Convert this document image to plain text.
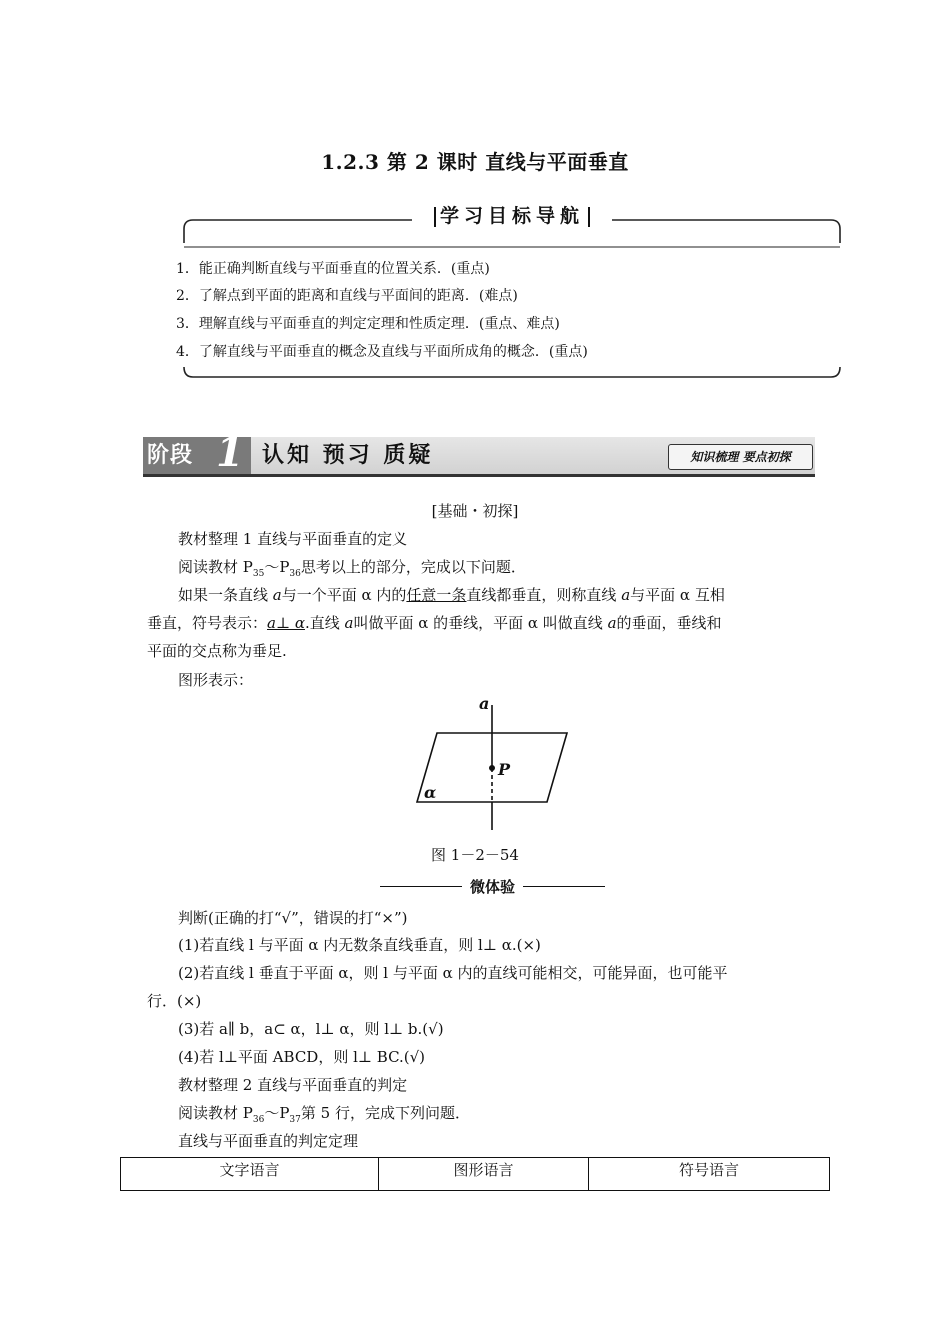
1.2.3 第 2 课时 直线与平面垂直
学习目标导航
1．能正确判断直线与平面垂直的位置关系．(重点)
2．了解点到平面的距离和直线与平面间的距离．(难点)
3．理解直线与平面垂直的判定定理和性质定理．(重点、难点)
4．了解直线与平面垂直的概念及直线与平面所成角的概念．(重点)
阶段 1 认知 预习 质疑	知识梳理 要点初探
[基础・初探]
教材整理 1 直线与平面垂直的定义
阅读教材 $P_{35}\sim P_{36}$思考以上的部分，完成以下问题．
如果一条直线 a与一个平面 α 内的任意一条直线都垂直，则称直线 a与平面 α 互相
垂直，符号表示：a⊥ α.直线 a叫做平面 α 的垂线，平面 α 叫做直线 a的垂面，垂线和
平面的交点称为垂足.
图形表示：
a
P
α
图 1－2－54
微体验
判断(正确的打“√”，错误的打“×”)
(1)若直线 l 与平面 α 内无数条直线垂直，则 l⊥ α.(×)
(2)若直线 l 垂直于平面 α，则 l 与平面 α 内的直线可能相交，可能异面，也可能平
行．(×)
(3)若 a∥ b，a⊂ α，l⊥ α，则 l⊥ b.(√)
(4)若 l⊥平面 ABCD，则 l⊥ BC.(√)
教材整理 2 直线与平面垂直的判定
阅读教材 $P_{36}\sim P_{37}$第 5 行，完成下列问题．
直线与平面垂直的判定定理
文字语言	图形语言	符号语言
